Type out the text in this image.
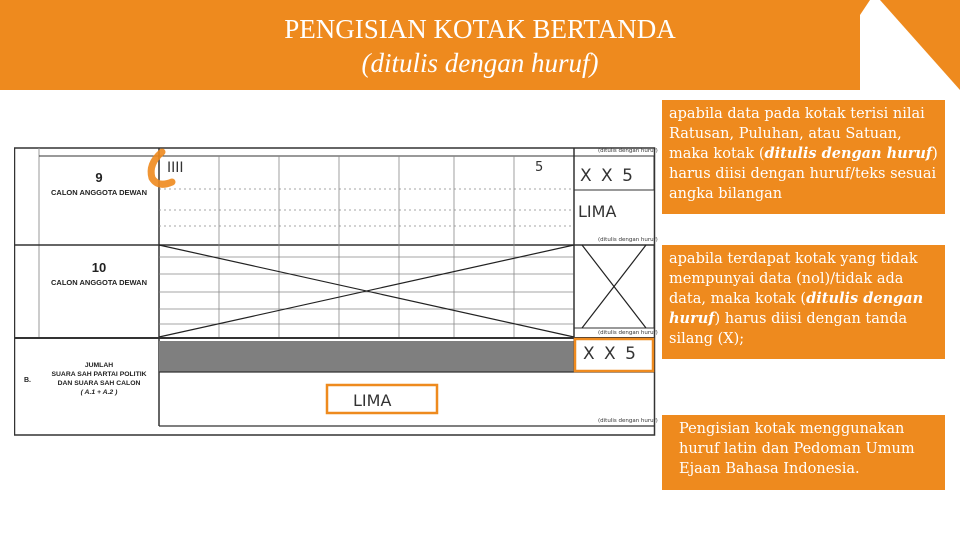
PENGISIAN KOTAK BERTANDA
(ditulis dengan huruf)
9
CALON ANGGOTA DEWAN
IIII	5 X X 5
LIMA
(ditulis dengan huruf)
(ditulis dengan huruf)
10
CALON ANGGOTA DEWAN
(ditulis dengan huruf)
B.
JUMLAH
SUARA SAH PARTAI POLITIK
DAN SUARA SAH CALON
( A.1 + A.2 )
X X 5
LIMA
(ditulis dengan huruf)
apabila data pada kotak terisi nilai Ratusan, Puluhan, atau Satuan, maka kotak (ditulis dengan huruf) harus diisi dengan huruf/teks sesuai angka bilangan
apabila terdapat kotak yang tidak mempunyai data (nol)/tidak ada data, maka kotak (ditulis dengan huruf) harus diisi dengan tanda silang (X);
Pengisian kotak menggunakan huruf latin dan Pedoman Umum Ejaan Bahasa Indonesia.
